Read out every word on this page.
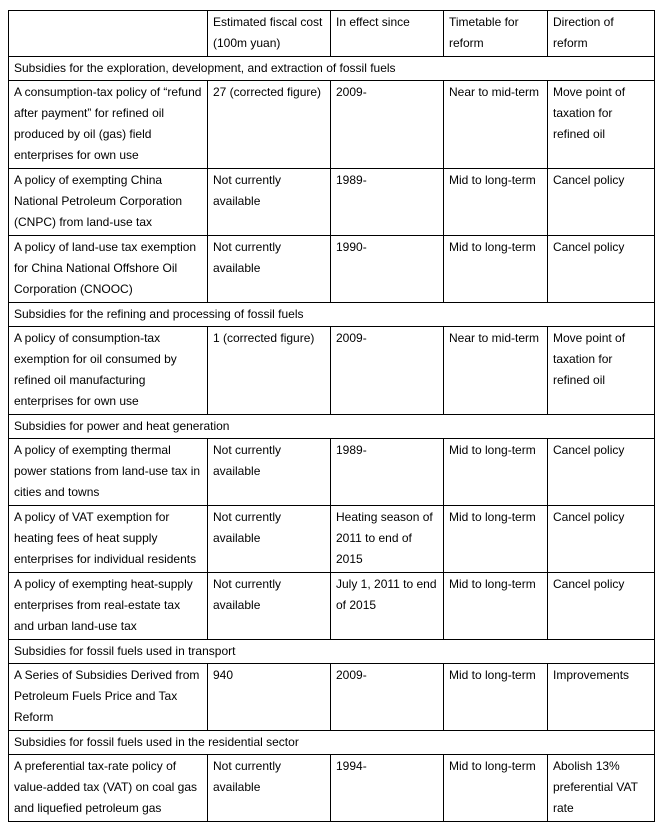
	Estimated fiscal cost (100m yuan)	In effect since	Timetable for reform	Direction of reform
Subsidies for the exploration, development, and extraction of fossil fuels				
A consumption-tax policy of “refund after payment” for refined oil produced by oil (gas) field enterprises for own use	27 (corrected figure)	2009-	Near to mid-term	Move point of taxation for refined oil
A policy of exempting China National Petroleum Corporation (CNPC) from land-use tax	Not currently available	1989-	Mid to long-term	Cancel policy
A policy of land-use tax exemption for China National Offshore Oil Corporation (CNOOC)	Not currently available	1990-	Mid to long-term	Cancel policy
Subsidies for the refining and processing of fossil fuels				
A policy of consumption-tax exemption for oil consumed by refined oil manufacturing enterprises for own use	1 (corrected figure)	2009-	Near to mid-term	Move point of taxation for refined oil
Subsidies for power and heat generation				
A policy of exempting thermal power stations from land-use tax in cities and towns	Not currently available	1989-	Mid to long-term	Cancel policy
A policy of VAT exemption for heating fees of heat supply enterprises for individual residents	Not currently available	Heating season of 2011 to end of 2015	Mid to long-term	Cancel policy
A policy of exempting heat-supply enterprises from real-estate tax and urban land-use tax	Not currently available	July 1, 2011 to end of 2015	Mid to long-term	Cancel policy
Subsidies for fossil fuels used in transport				
A Series of Subsidies Derived from Petroleum Fuels Price and Tax Reform	940	2009-	Mid to long-term	Improvements
Subsidies for fossil fuels used in the residential sector				
A preferential tax-rate policy of value-added tax (VAT) on coal gas and liquefied petroleum gas	Not currently available	1994-	Mid to long-term	Abolish 13% preferential VAT rate
